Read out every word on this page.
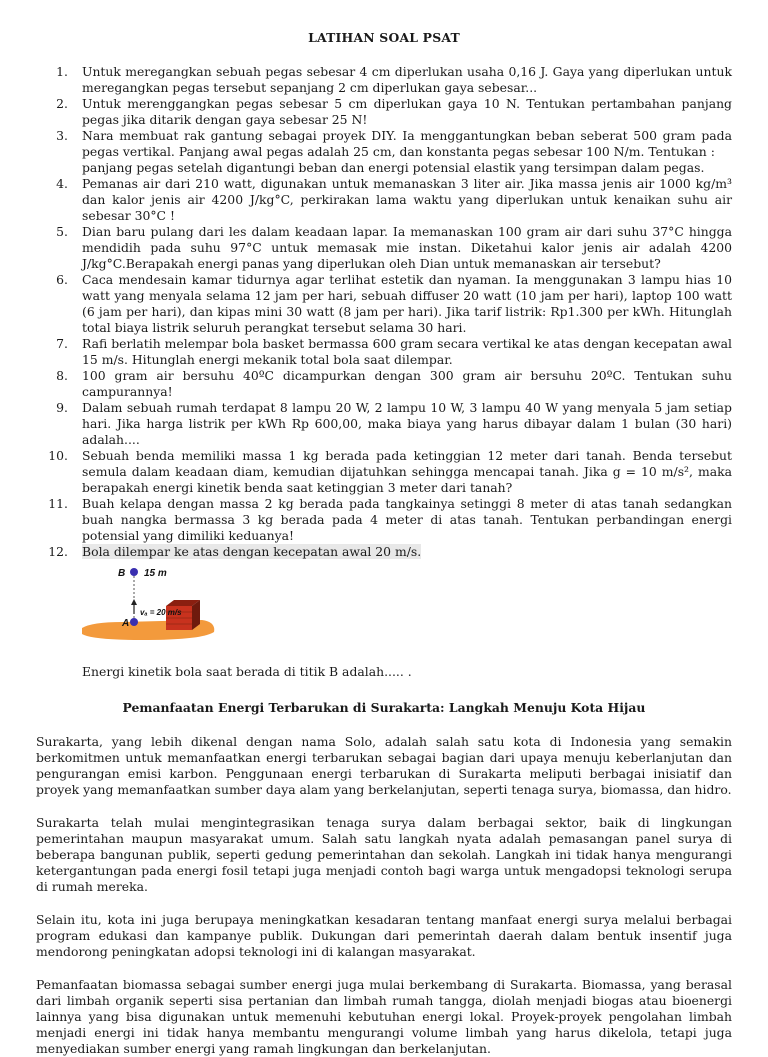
LATIHAN SOAL PSAT
1. Untuk meregangkan sebuah pegas sebesar 4 cm diperlukan usaha 0,16 J. Gaya yang diperlukan untuk meregangkan pegas tersebut sepanjang 2 cm diperlukan gaya sebesar...
2. Untuk merenggangkan pegas sebesar 5 cm diperlukan gaya 10 N. Tentukan pertambahan panjang pegas jika ditarik dengan gaya sebesar 25 N!
3. Nara membuat rak gantung sebagai proyek DIY. Ia menggantungkan beban seberat 500 gram pada pegas vertikal. Panjang awal pegas adalah 25 cm, dan konstanta pegas sebesar 100 N/m. Tentukan :
panjang pegas setelah digantungi beban dan energi potensial elastik yang tersimpan dalam pegas.
4. Pemanas air dari 210 watt, digunakan untuk memanaskan 3 liter air. Jika massa jenis air 1000 kg/m³ dan kalor jenis air 4200 J/kg°C, perkirakan lama waktu yang diperlukan untuk kenaikan suhu air sebesar 30°C !
5. Dian baru pulang dari les dalam keadaan lapar. Ia memanaskan 100 gram air dari suhu 37°C hingga mendidih pada suhu 97°C untuk memasak mie instan. Diketahui kalor jenis air adalah 4200 J/kg°C.Berapakah energi panas yang diperlukan oleh Dian untuk memanaskan air tersebut?
6. Caca mendesain kamar tidurnya agar terlihat estetik dan nyaman. Ia menggunakan 3 lampu hias 10 watt yang menyala selama 12 jam per hari, sebuah diffuser 20 watt (10 jam per hari), laptop 100 watt (6 jam per hari), dan kipas mini 30 watt (8 jam per hari). Jika tarif listrik: Rp1.300 per kWh. Hitunglah total biaya listrik seluruh perangkat tersebut selama 30 hari.
7. Rafi berlatih melempar bola basket bermassa 600 gram secara vertikal ke atas dengan kecepatan awal 15 m/s. Hitunglah energi mekanik total bola saat dilempar.
8. 100 gram air bersuhu 40ºC dicampurkan dengan 300 gram air bersuhu 20ºC. Tentukan suhu campurannya!
9. Dalam sebuah rumah terdapat 8 lampu 20 W, 2 lampu 10 W, 3 lampu 40 W yang menyala 5 jam setiap hari. Jika harga listrik per kWh Rp 600,00, maka biaya yang harus dibayar dalam 1 bulan (30 hari) adalah....
10. Sebuah benda memiliki massa 1 kg berada pada ketinggian 12 meter dari tanah. Benda tersebut semula dalam keadaan diam, kemudian dijatuhkan sehingga mencapai tanah. Jika g = 10 m/s², maka berapakah energi kinetik benda saat ketinggian 3 meter dari tanah?
11. Buah kelapa dengan massa 2 kg berada pada tangkainya setinggi 8 meter di atas tanah sedangkan buah nangka bermassa 3 kg berada pada 4 meter di atas tanah. Tentukan perbandingan energi potensial yang dimiliki keduanya!
12. Bola dilempar ke atas dengan kecepatan awal 20 m/s.
B 15 m
vₐ = 20 m/s
A
Energi kinetik bola saat berada di titik B adalah..... .
Pemanfaatan Energi Terbarukan di Surakarta: Langkah Menuju Kota Hijau

Surakarta, yang lebih dikenal dengan nama Solo, adalah salah satu kota di Indonesia yang semakin berkomitmen untuk memanfaatkan energi terbarukan sebagai bagian dari upaya menuju keberlanjutan dan pengurangan emisi karbon. Penggunaan energi terbarukan di Surakarta meliputi berbagai inisiatif dan proyek yang memanfaatkan sumber daya alam yang berkelanjutan, seperti tenaga surya, biomassa, dan hidro.

Surakarta telah mulai mengintegrasikan tenaga surya dalam berbagai sektor, baik di lingkungan pemerintahan maupun masyarakat umum. Salah satu langkah nyata adalah pemasangan panel surya di beberapa bangunan publik, seperti gedung pemerintahan dan sekolah. Langkah ini tidak hanya mengurangi ketergantungan pada energi fosil tetapi juga menjadi contoh bagi warga untuk mengadopsi teknologi serupa di rumah mereka.

Selain itu, kota ini juga berupaya meningkatkan kesadaran tentang manfaat energi surya melalui berbagai program edukasi dan kampanye publik. Dukungan dari pemerintah daerah dalam bentuk insentif juga mendorong peningkatan adopsi teknologi ini di kalangan masyarakat.

Pemanfaatan biomassa sebagai sumber energi juga mulai berkembang di Surakarta. Biomassa, yang berasal dari limbah organik seperti sisa pertanian dan limbah rumah tangga, diolah menjadi biogas atau bioenergi lainnya yang bisa digunakan untuk memenuhi kebutuhan energi lokal. Proyek-proyek pengolahan limbah menjadi energi ini tidak hanya membantu mengurangi volume limbah yang harus dikelola, tetapi juga menyediakan sumber energi yang ramah lingkungan dan berkelanjutan.
